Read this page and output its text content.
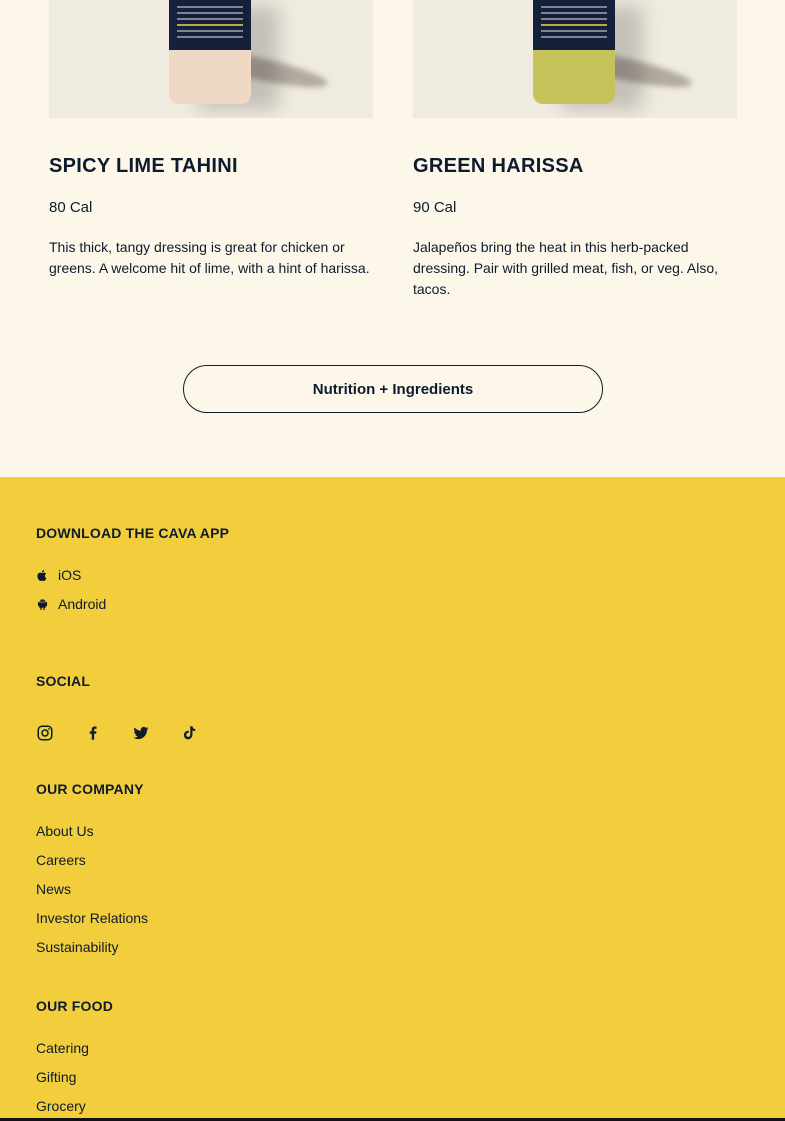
SPICY LIME TAHINI
80 Cal
This thick, tangy dressing is great for chicken or greens. A welcome hit of lime, with a hint of harissa.
GREEN HARISSA
90 Cal
Jalapeños bring the heat in this herb-packed dressing. Pair with grilled meat, fish, or veg. Also, tacos.
Nutrition + Ingredients
DOWNLOAD THE CAVA APP
iOS
Android
SOCIAL
OUR COMPANY
About Us
Careers
News
Investor Relations
Sustainability
OUR FOOD
Catering
Gifting
Grocery
